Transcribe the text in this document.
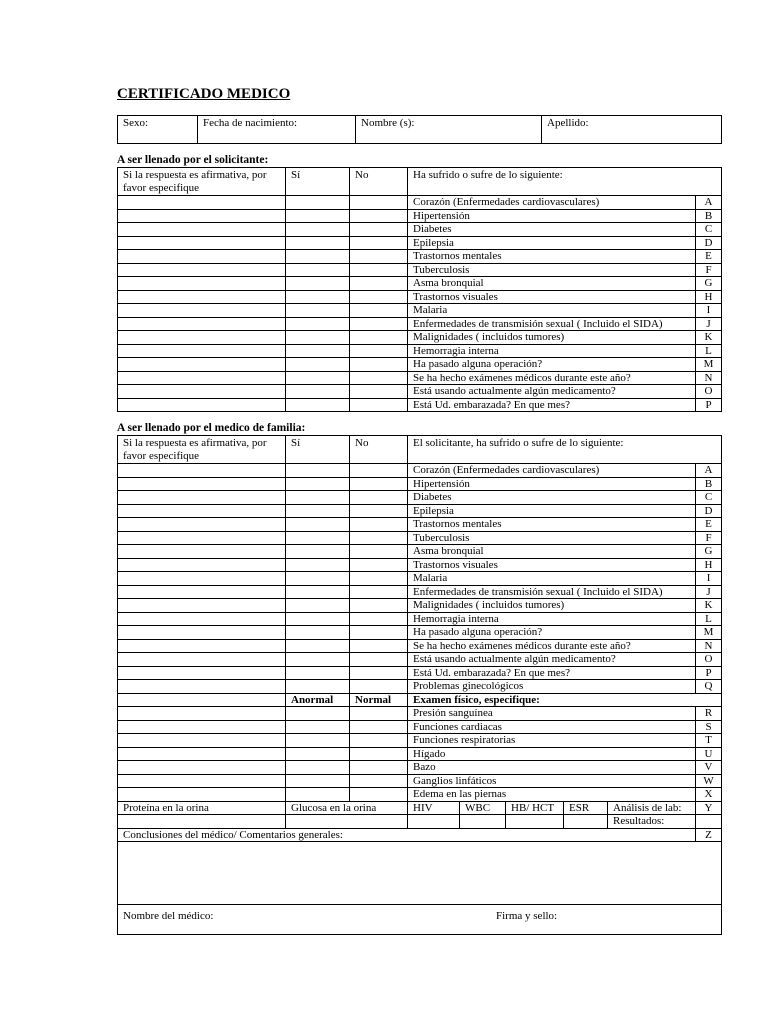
CERTIFICADO MEDICO
Sexo:	Fecha de nacimiento:	Nombre (s):	Apellido:
A ser llenado por el solicitante:
Si la respuesta es afirmativa, por favor especifique	Sí	No	Ha sufrido o sufre de lo siguiente:	
			Corazón (Enfermedades cardiovasculares)	A
			Hipertensión	B
			Diabetes	C
			Epilepsia	D
			Trastornos mentales	E
			Tuberculosis	F
			Asma bronquial	G
			Trastornos visuales	H
			Malaria	I
			Enfermedades de transmisión sexual ( Incluido el SIDA)	J
			Malignidades ( incluidos tumores)	K
			Hemorragia interna	L
			Ha pasado alguna operación?	M
			Se ha hecho exámenes médicos durante este año?	N
			Está usando actualmente algún medicamento?	O
			Está Ud. embarazada? En que mes?	P
A ser llenado por el medico de familia:
Si la respuesta es afirmativa, por favor especifique	Sí	No	El solicitante, ha sufrido o sufre de lo siguiente:					
			Corazón (Enfermedades cardiovasculares)					A
			Hipertensión					B
			Diabetes					C
			Epilepsia					D
			Trastornos mentales					E
			Tuberculosis					F
			Asma bronquial					G
			Trastornos visuales					H
			Malaria					I
			Enfermedades de transmisión sexual ( Incluido el SIDA)					J
			Malignidades ( incluidos tumores)					K
			Hemorragia interna					L
			Ha pasado alguna operación?					M
			Se ha hecho exámenes médicos durante este año?					N
			Está usando actualmente algún medicamento?					O
			Está Ud. embarazada? En que mes?					P
			Problemas ginecológicos					Q
	Anormal	Normal	Examen físico, especifique:					
			Presión sanguínea					R
			Funciones cardiacas					S
			Funciones respiratorias					T
			Hígado					U
			Bazo					V
			Ganglios linfáticos					W
			Edema en las piernas					X
Proteína en la orina	Glucosa en la orina		HIV	WBC	HB/ HCT	ESR	Análisis de lab:	Y
							Resultados:	
Conclusiones del médico/ Comentarios generales:								Z

Nombre del médico: Firma y sello:								
